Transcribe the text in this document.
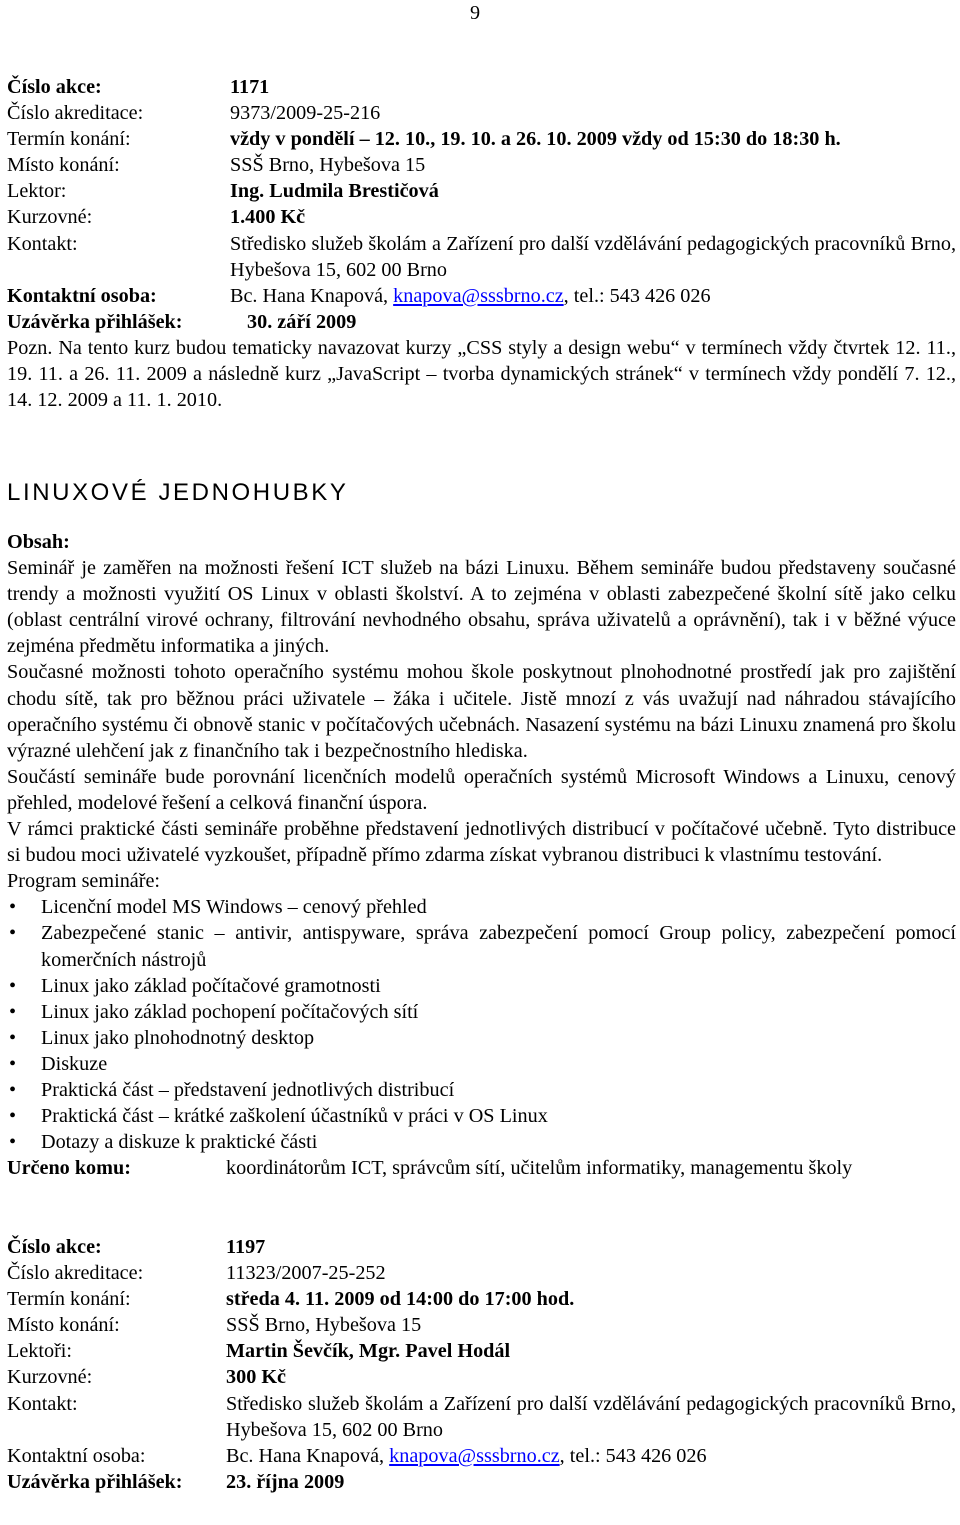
9
Číslo akce:	1171
Číslo akreditace:	9373/2009-25-216
Termín konání:	vždy v pondělí – 12. 10., 19. 10. a 26. 10. 2009 vždy od 15:30 do 18:30 h.
Místo konání:	SSŠ Brno, Hybešova 15
Lektor:	Ing. Ludmila Brestičová
Kurzovné:	1.400 Kč
Kontakt:	Středisko služeb školám a Zařízení pro další vzdělávání pedagogických pracovníků Brno, Hybešova 15, 602 00 Brno
Kontaktní osoba:	Bc. Hana Knapová, knapova@sssbrno.cz, tel.: 543 426 026
Uzávěrka přihlášek:	30. září 2009
Pozn. Na tento kurz budou tematicky navazovat kurzy „CSS styly a design webu“ v termínech vždy čtvrtek 12. 11., 19. 11. a 26. 11. 2009 a následně kurz „JavaScript – tvorba dynamických stránek“ v termínech vždy pondělí 7. 12., 14. 12. 2009 a 11. 1. 2010.
LINUXOVÉ JEDNOHUBKY
Obsah:
Seminář je zaměřen na možnosti řešení ICT služeb na bázi Linuxu. Během semináře budou představeny současné trendy a možnosti využití OS Linux v oblasti školství. A to zejména v oblasti zabezpečené školní sítě jako celku (oblast centrální virové ochrany, filtrování nevhodného obsahu, správa uživatelů a oprávnění), tak i v běžné výuce zejména předmětu informatika a jiných.
Současné možnosti tohoto operačního systému mohou škole poskytnout plnohodnotné prostředí jak pro zajištění chodu sítě, tak pro běžnou práci uživatele – žáka i učitele. Jistě mnozí z vás uvažují nad náhradou stávajícího operačního systému či obnově stanic v počítačových učebnách. Nasazení systému na bázi Linuxu znamená pro školu výrazné ulehčení jak z finančního tak i bezpečnostního hlediska.
Součástí semináře bude porovnání licenčních modelů operačních systémů Microsoft Windows a Linuxu, cenový přehled, modelové řešení a celková finanční úspora.
V rámci praktické části semináře proběhne představení jednotlivých distribucí v počítačové učebně. Tyto distribuce si budou moci uživatelé vyzkoušet, případně přímo zdarma získat vybranou distribuci k vlastnímu testování.
Program semináře:
• Licenční model MS Windows – cenový přehled
• Zabezpečené stanic – antivir, antispyware, správa zabezpečení pomocí Group policy, zabezpečení pomocí komerčních nástrojů
• Linux jako základ počítačové gramotnosti
• Linux jako základ pochopení počítačových sítí
• Linux jako plnohodnotný desktop
• Diskuze
• Praktická část – představení jednotlivých distribucí
• Praktická část – krátké zaškolení účastníků v práci v OS Linux
• Dotazy a diskuze k praktické části
Určeno komu:	koordinátorům ICT, správcům sítí, učitelům informatiky, managementu školy
Číslo akce:	1197
Číslo akreditace:	11323/2007-25-252
Termín konání:	středa 4. 11. 2009 od 14:00 do 17:00 hod.
Místo konání:	SSŠ Brno, Hybešova 15
Lektoři:	Martin Ševčík, Mgr. Pavel Hodál
Kurzovné:	300 Kč
Kontakt:	Středisko služeb školám a Zařízení pro další vzdělávání pedagogických pracovníků Brno, Hybešova 15, 602 00 Brno
Kontaktní osoba:	Bc. Hana Knapová, knapova@sssbrno.cz, tel.: 543 426 026
Uzávěrka přihlášek:	23. října 2009
